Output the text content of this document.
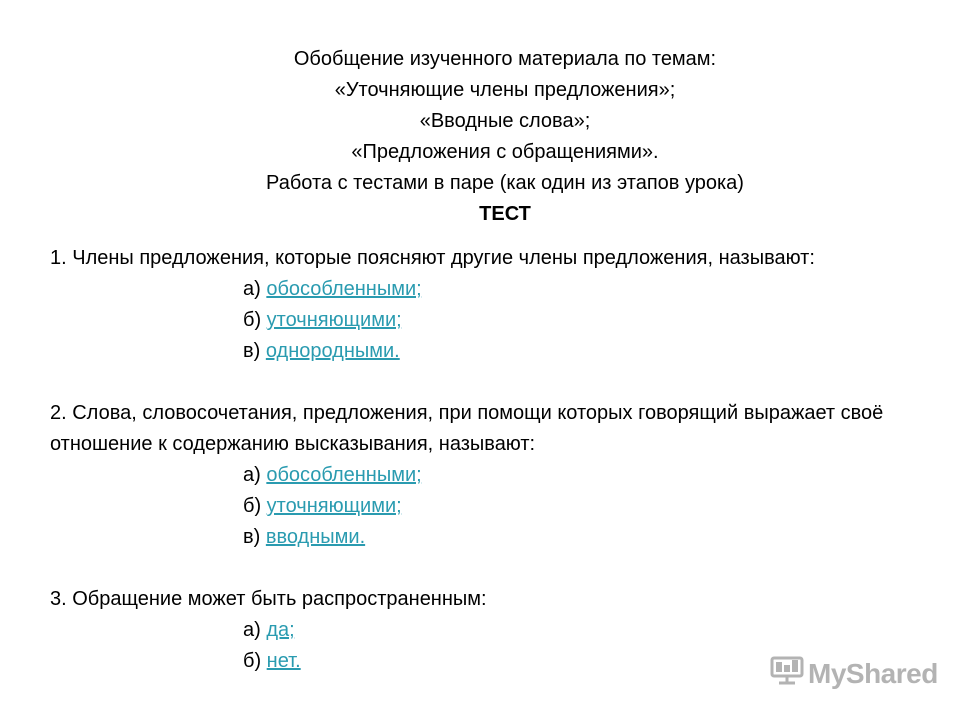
Обобщение изученного материала по темам:
«Уточняющие члены предложения»;
«Вводные слова»;
«Предложения с обращениями».
Работа с тестами в паре (как один из этапов урока)
ТЕСТ
1. Члены предложения, которые поясняют другие члены предложения, называют:
а) обособленными;
б) уточняющими;
в) однородными.
2. Слова, словосочетания, предложения, при помощи которых говорящий выражает своё отношение к содержанию высказывания, называют:
а) обособленными;
б) уточняющими;
в) вводными.
3. Обращение может быть распространенным:
а) да;
б) нет.	MyShared
